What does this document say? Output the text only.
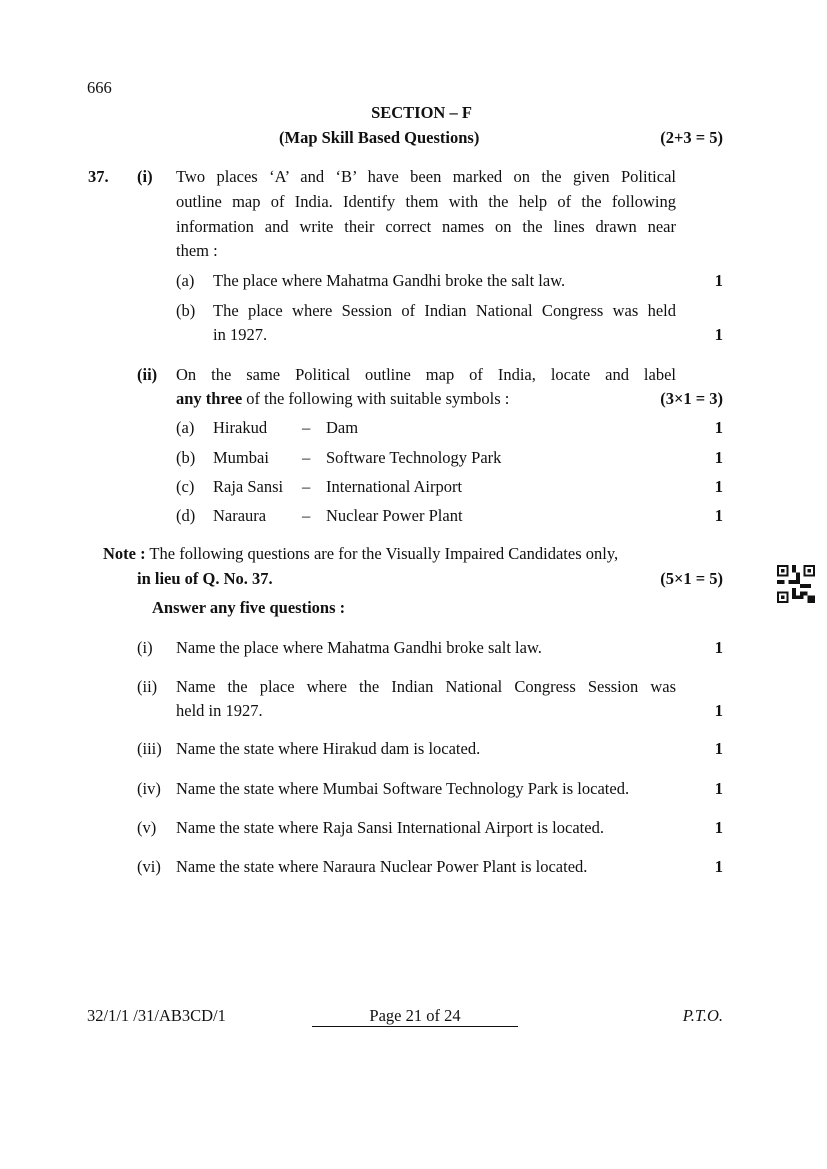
666
SECTION – F
(Map Skill Based Questions)	(2+3 = 5)
37. (i) Two places ‘A’ and ‘B’ have been marked on the given Political
outline map of India. Identify them with the help of the following
information and write their correct names on the lines drawn near
them :
(a) The place where Mahatma Gandhi broke the salt law.	1
(b) The place where Session of Indian National Congress was held
in 1927.	1
(ii) On the same Political outline map of India, locate and label
any three of the following with suitable symbols :	(3×1 = 3)
(a) Hirakud – Dam	1
(b) Mumbai – Software Technology Park	1
(c) Raja Sansi – International Airport	1
(d) Naraura – Nuclear Power Plant	1
Note : The following questions are for the Visually Impaired Candidates only,
in lieu of Q. No. 37.	(5×1 = 5)
Answer any five questions :
(i) Name the place where Mahatma Gandhi broke salt law.	1
(ii) Name the place where the Indian National Congress Session was
held in 1927.	1
(iii) Name the state where Hirakud dam is located.	1
(iv) Name the state where Mumbai Software Technology Park is located.	1
(v) Name the state where Raja Sansi International Airport is located.	1
(vi) Name the state where Naraura Nuclear Power Plant is located.	1
32/1/1 /31/AB3CD/1	Page 21 of 24	P.T.O.
